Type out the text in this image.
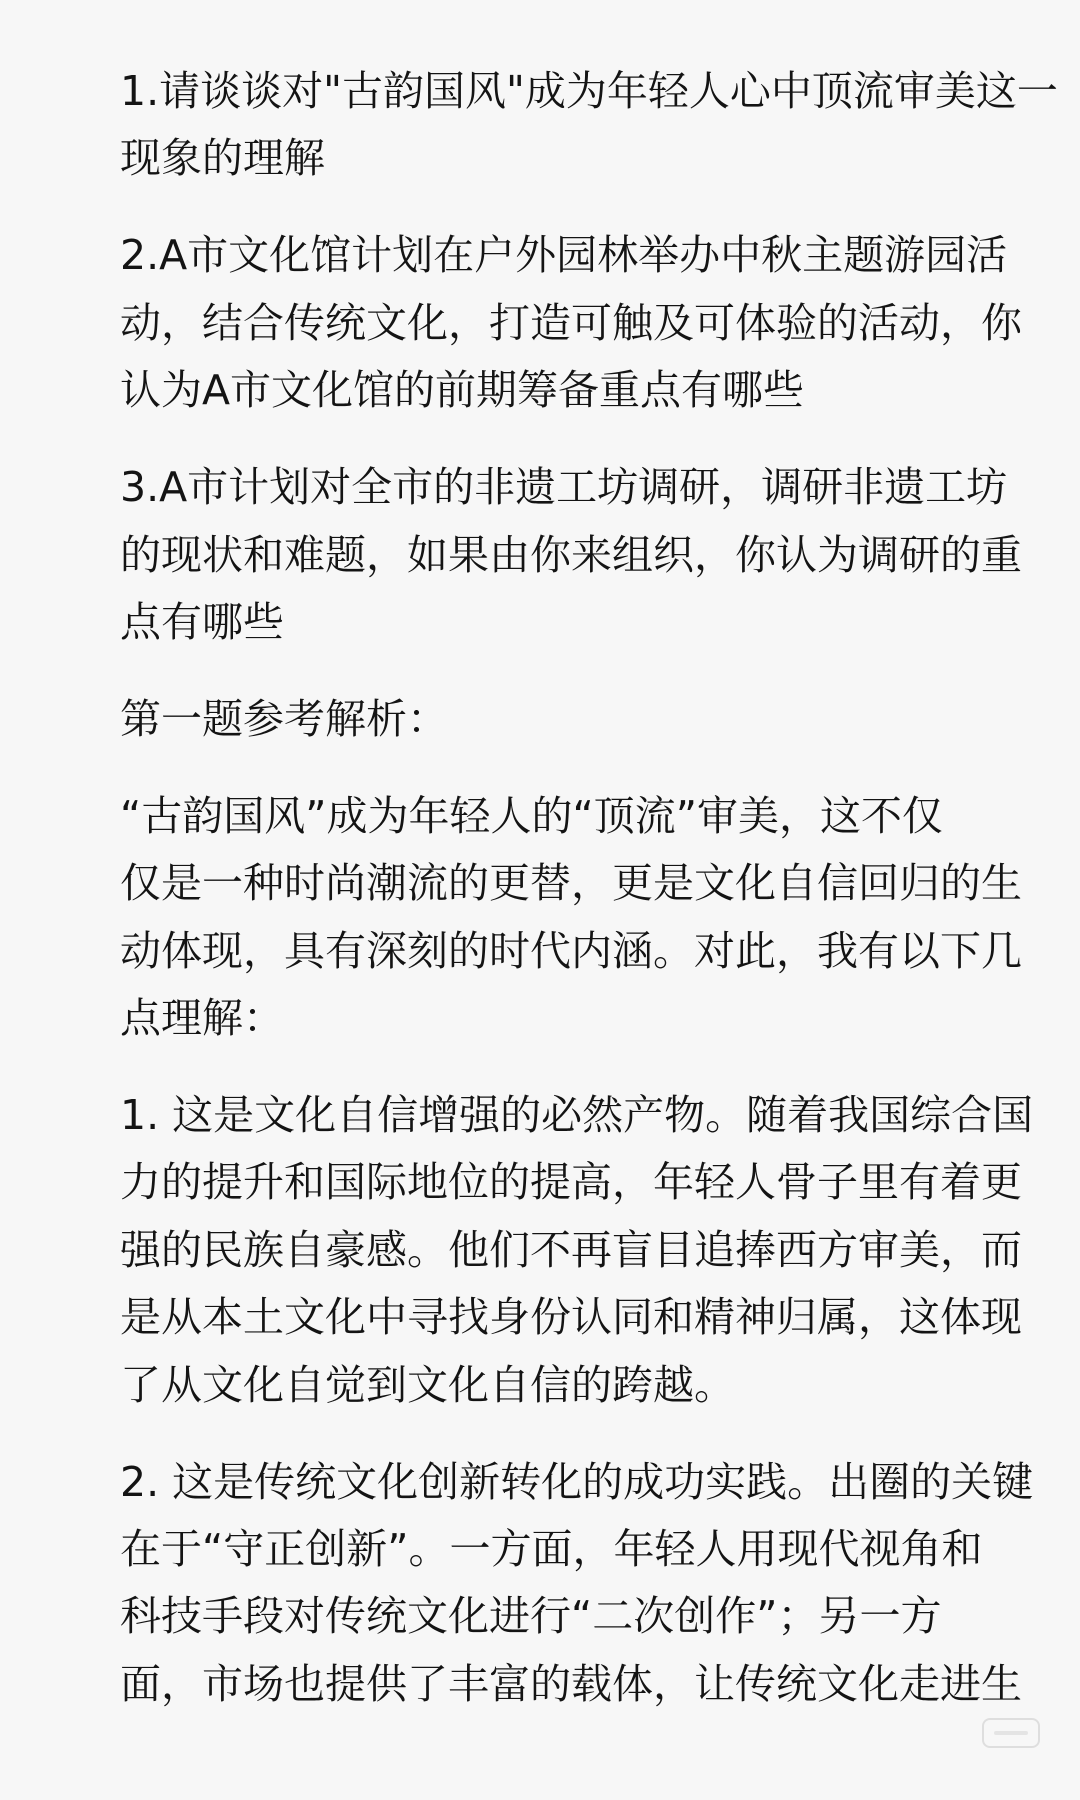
1.请谈谈对"古韵国风"成为年轻人心中顶流审美这一
现象的理解

2.A市文化馆计划在户外园林举办中秋主题游园活
动，结合传统文化，打造可触及可体验的活动，你
认为A市文化馆的前期筹备重点有哪些

3.A市计划对全市的非遗工坊调研，调研非遗工坊
的现状和难题，如果由你来组织，你认为调研的重
点有哪些

第一题参考解析：

“古韵国风”成为年轻人的“顶流”审美，这不仅
仅是一种时尚潮流的更替，更是文化自信回归的生
动体现，具有深刻的时代内涵。对此，我有以下几
点理解：

1. 这是文化自信增强的必然产物。随着我国综合国
力的提升和国际地位的提高，年轻人骨子里有着更
强的民族自豪感。他们不再盲目追捧西方审美，而
是从本土文化中寻找身份认同和精神归属，这体现
了从文化自觉到文化自信的跨越。

2. 这是传统文化创新转化的成功实践。出圈的关键
在于“守正创新”。一方面，年轻人用现代视角和
科技手段对传统文化进行“二次创作”；另一方
面，市场也提供了丰富的载体，让传统文化走进生
